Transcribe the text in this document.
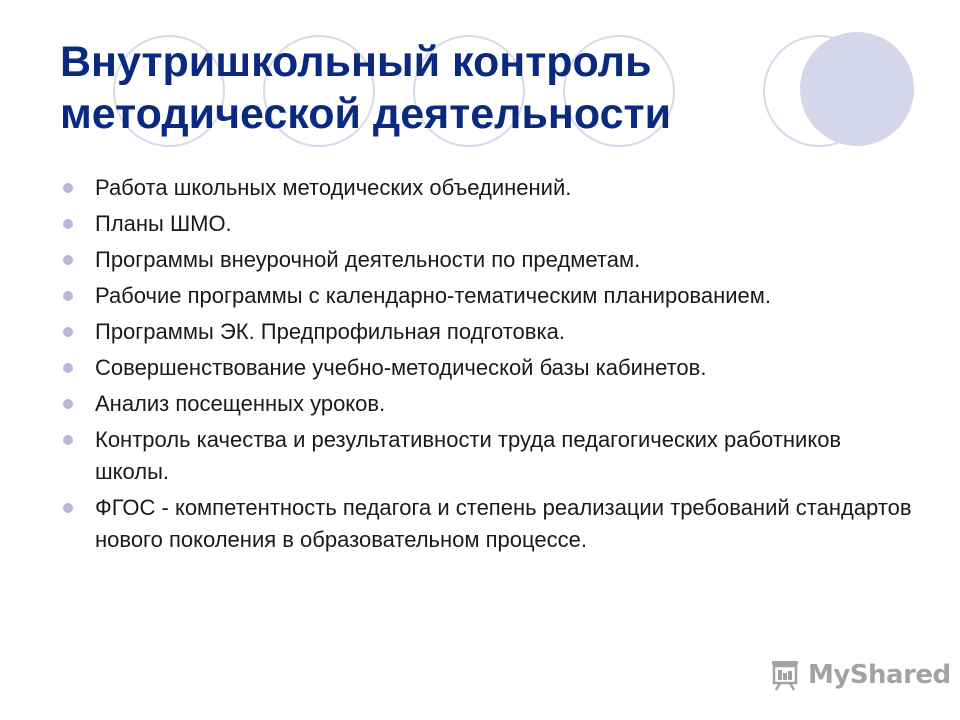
Внутришкольный контроль
методической деятельности
Работа школьных методических объединений.
Планы ШМО.
Программы внеурочной деятельности по предметам.
Рабочие программы с календарно-тематическим планированием.
Программы ЭК. Предпрофильная подготовка.
Совершенствование учебно-методической базы кабинетов.
Анализ посещенных уроков.
Контроль качества и результативности труда педагогических работников школы.
ФГОС - компетентность педагога и степень реализации требований стандартов нового поколения в образовательном процессе.
MyShared
